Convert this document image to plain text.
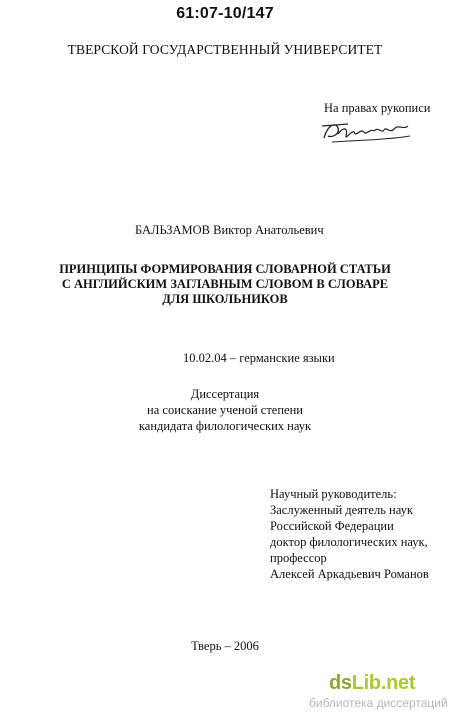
61:07-10/147
ТВЕРСКОЙ ГОСУДАРСТВЕННЫЙ УНИВЕРСИТЕТ
На правах рукописи
БАЛЬЗАМОВ Виктор Анатольевич
ПРИНЦИПЫ ФОРМИРОВАНИЯ СЛОВАРНОЙ СТАТЬИ
С АНГЛИЙСКИМ ЗАГЛАВНЫМ СЛОВОМ В СЛОВАРЕ
ДЛЯ ШКОЛЬНИКОВ
10.02.04 – германские языки
Диссертация
на соискание ученой степени
кандидата филологических наук
Научный руководитель:
Заслуженный деятель наук
Российской Федерации
доктор филологических наук,
профессор
Алексей Аркадьевич Романов
Тверь – 2006
dsLib.net
библиотека диссертаций
